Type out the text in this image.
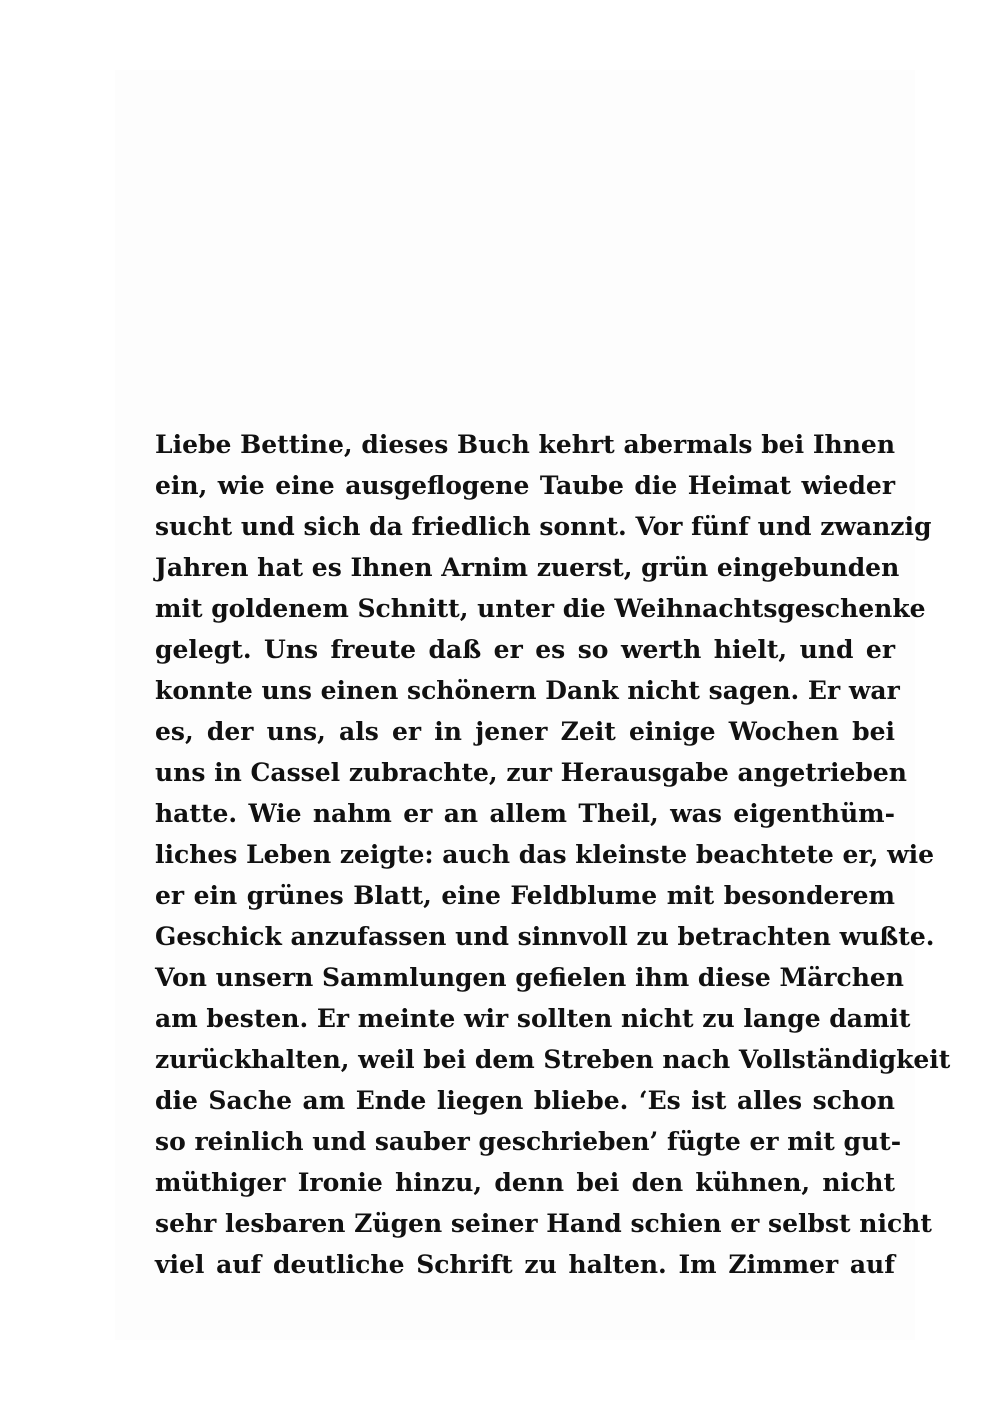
Liebe Bettine, dieses Buch kehrt abermals bei Ihnen
ein, wie eine ausgeflogene Taube die Heimat wieder
sucht und sich da friedlich sonnt. Vor fünf und zwanzig
Jahren hat es Ihnen Arnim zuerst, grün eingebunden
mit goldenem Schnitt, unter die Weihnachtsgeschenke
gelegt. Uns freute daß er es so werth hielt, und er
konnte uns einen schönern Dank nicht sagen. Er war
es, der uns, als er in jener Zeit einige Wochen bei
uns in Cassel zubrachte, zur Herausgabe angetrieben
hatte. Wie nahm er an allem Theil, was eigenthüm-
liches Leben zeigte: auch das kleinste beachtete er, wie
er ein grünes Blatt, eine Feldblume mit besonderem
Geschick anzufassen und sinnvoll zu betrachten wußte.
Von unsern Sammlungen gefielen ihm diese Märchen
am besten. Er meinte wir sollten nicht zu lange damit
zurückhalten, weil bei dem Streben nach Vollständigkeit
die Sache am Ende liegen bliebe. ‘Es ist alles schon
so reinlich und sauber geschrieben’ fügte er mit gut-
müthiger Ironie hinzu, denn bei den kühnen, nicht
sehr lesbaren Zügen seiner Hand schien er selbst nicht
viel auf deutliche Schrift zu halten. Im Zimmer auf
